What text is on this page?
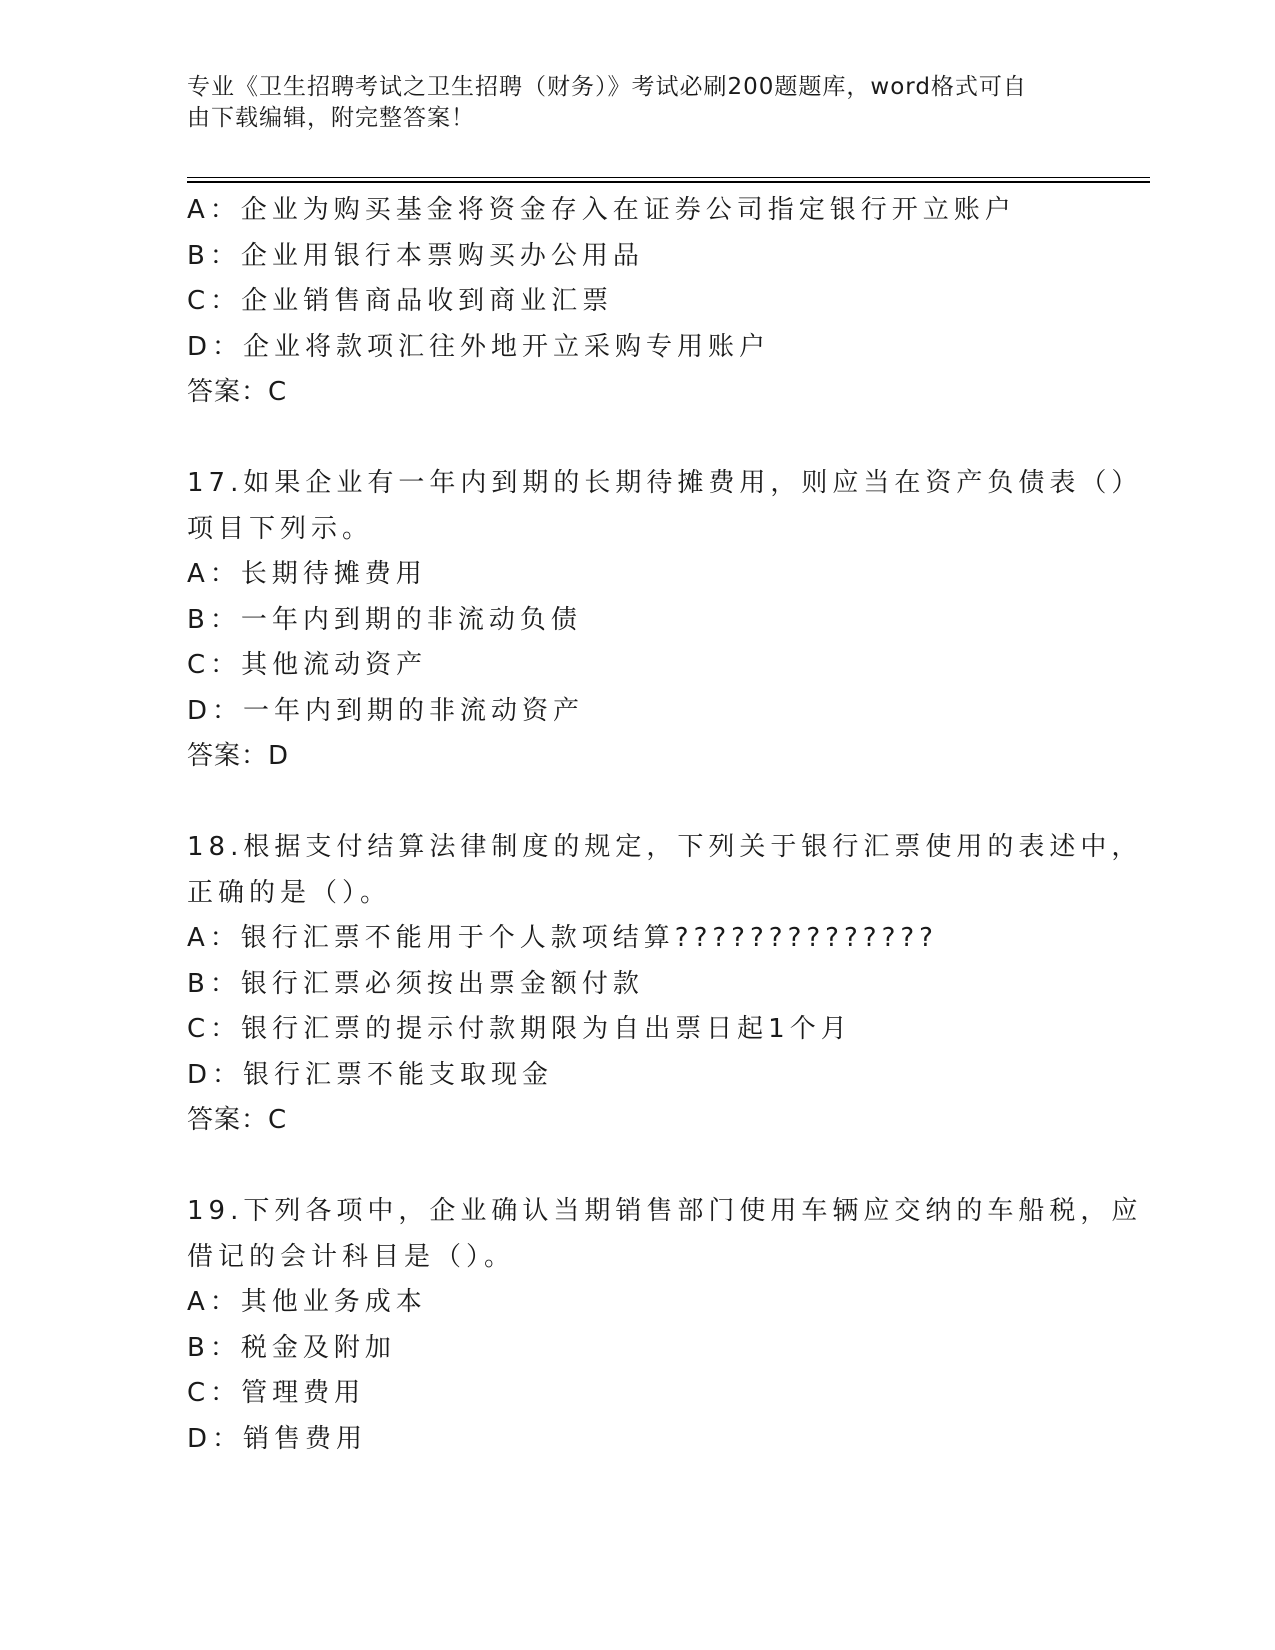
专业《卫生招聘考试之卫生招聘（财务）》考试必刷200题题库，word格式可自
由下载编辑，附完整答案！
A：企业为购买基金将资金存入在证券公司指定银行开立账户
B：企业用银行本票购买办公用品
C：企业销售商品收到商业汇票
D：企业将款项汇往外地开立采购专用账户
答案：C
17.如果企业有一年内到期的长期待摊费用，则应当在资产负债表（）
项目下列示。
A：长期待摊费用
B：一年内到期的非流动负债
C：其他流动资产
D：一年内到期的非流动资产
答案：D
18.根据支付结算法律制度的规定，下列关于银行汇票使用的表述中，
正确的是（）。
A：银行汇票不能用于个人款项结算??????????????
B：银行汇票必须按出票金额付款
C：银行汇票的提示付款期限为自出票日起1个月
D：银行汇票不能支取现金
答案：C
19.下列各项中，企业确认当期销售部门使用车辆应交纳的车船税，应
借记的会计科目是（）。
A：其他业务成本
B：税金及附加
C：管理费用
D：销售费用
